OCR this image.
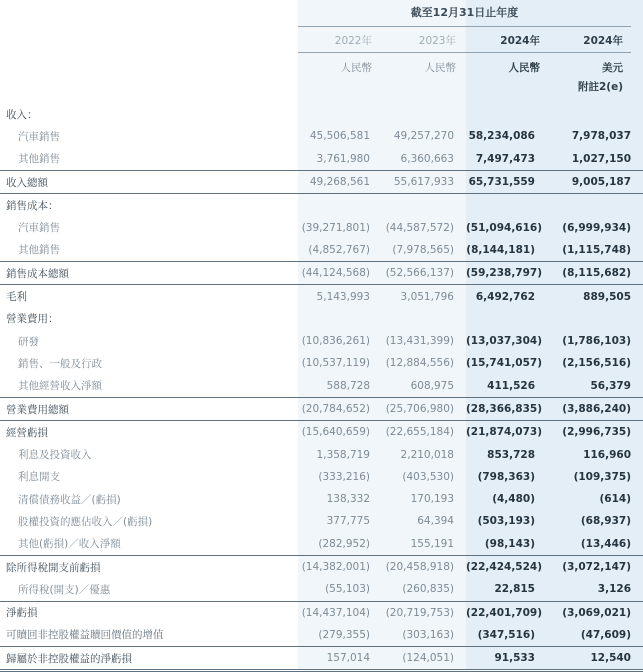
截至12月31日止年度
2022年	2023年	2024年	2024年
人民幣	人民幣	人民幣	美元
附註2(e)
收入：				
汽車銷售	45,506,581	49,257,270	58,234,086	7,978,037
其他銷售	3,761,980	6,360,663	7,497,473	1,027,150
收入總額	49,268,561	55,617,933	65,731,559	9,005,187
銷售成本：				
汽車銷售	(39,271,801)	(44,587,572)	(51,094,616)	(6,999,934)
其他銷售	(4,852,767)	(7,978,565)	(8,144,181)	(1,115,748)
銷售成本總額	(44,124,568)	(52,566,137)	(59,238,797)	(8,115,682)
毛利	5,143,993	3,051,796	6,492,762	889,505
營業費用：				
研發	(10,836,261)	(13,431,399)	(13,037,304)	(1,786,103)
銷售、一般及行政	(10,537,119)	(12,884,556)	(15,741,057)	(2,156,516)
其他經營收入淨額	588,728	608,975	411,526	56,379
營業費用總額	(20,784,652)	(25,706,980)	(28,366,835)	(3,886,240)
經營虧損	(15,640,659)	(22,655,184)	(21,874,073)	(2,996,735)
利息及投資收入	1,358,719	2,210,018	853,728	116,960
利息開支	(333,216)	(403,530)	(798,363)	(109,375)
清償債務收益／(虧損)	138,332	170,193	(4,480)	(614)
股權投資的應佔收入／(虧損)	377,775	64,394	(503,193)	(68,937)
其他(虧損)／收入淨額	(282,952)	155,191	(98,143)	(13,446)
除所得稅開支前虧損	(14,382,001)	(20,458,918)	(22,424,524)	(3,072,147)
所得稅(開支)／優惠	(55,103)	(260,835)	22,815	3,126
淨虧損	(14,437,104)	(20,719,753)	(22,401,709)	(3,069,021)
可贖回非控股權益贖回價值的增值	(279,355)	(303,163)	(347,516)	(47,609)
歸屬於非控股權益的淨虧損	157,014	(124,051)	91,533	12,540
